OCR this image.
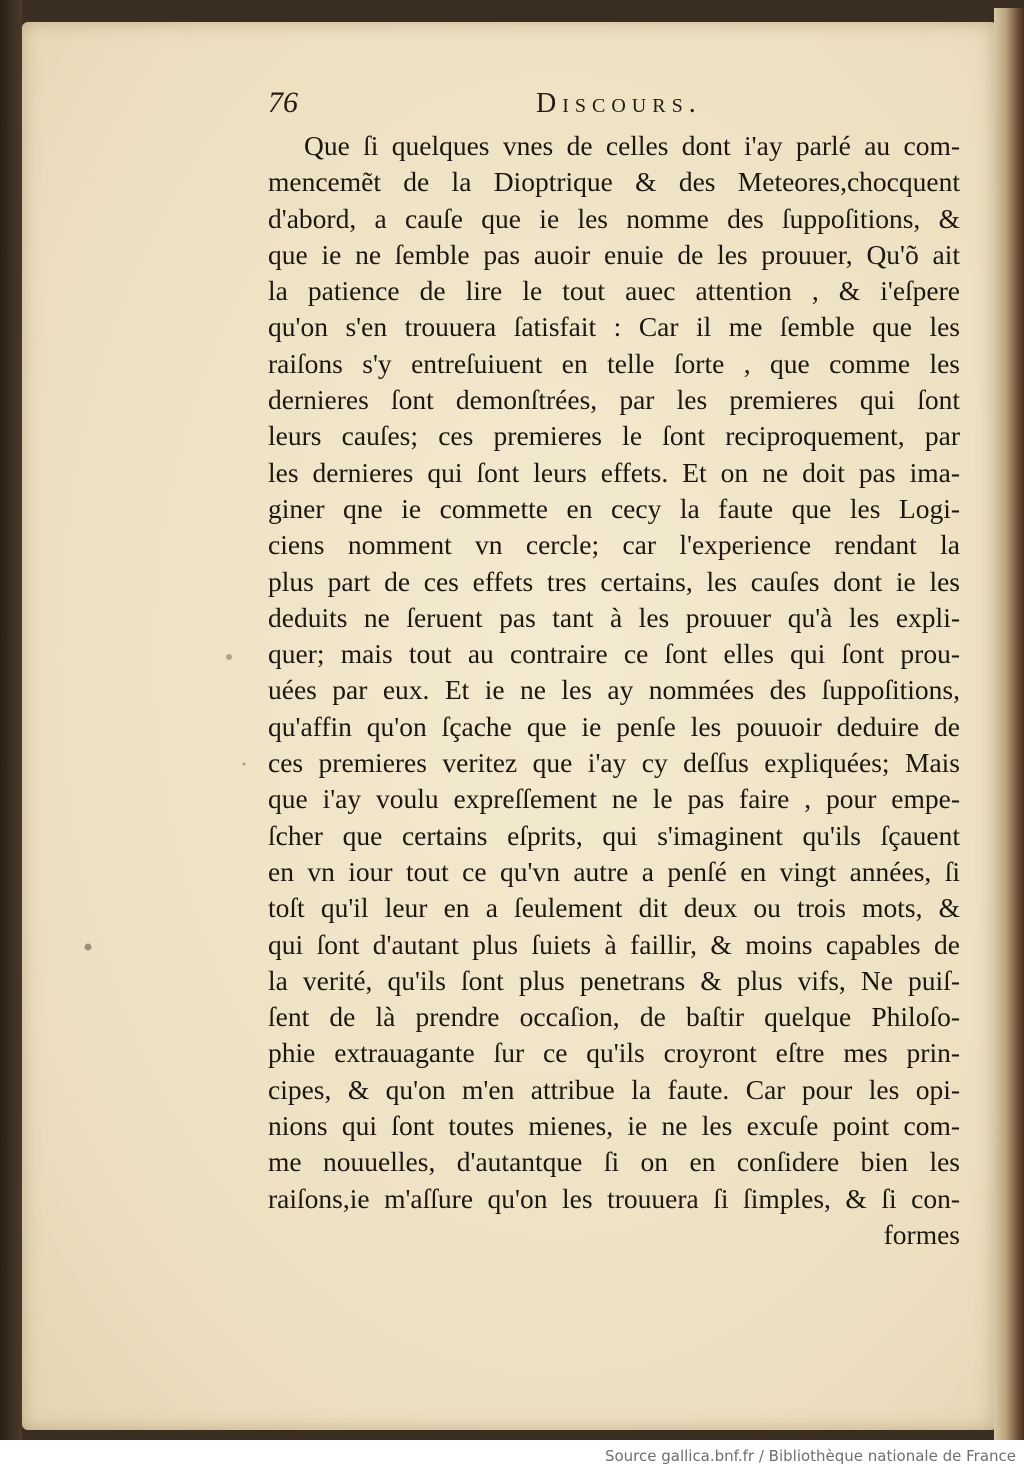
76	Discours.
Que ſi quelques vnes de celles dont i'ay parlé au com-
mencemẽt de la Dioptrique & des Meteores,chocquent
d'abord, a cauſe que ie les nomme des ſuppoſitions, &
que ie ne ſemble pas auoir enuie de les prouuer, Qu'õ ait
la patience de lire le tout auec attention , & i'eſpere
qu'on s'en trouuera ſatisfait : Car il me ſemble que les
raiſons s'y entreſuiuent en telle ſorte , que comme les
dernieres ſont demonſtrées, par les premieres qui ſont
leurs cauſes; ces premieres le ſont reciproquement, par
les dernieres qui ſont leurs effets. Et on ne doit pas ima-
giner qne ie commette en cecy la faute que les Logi-
ciens nomment vn cercle; car l'experience rendant la
plus part de ces effets tres certains, les cauſes dont ie les
deduits ne ſeruent pas tant à les prouuer qu'à les expli-
quer; mais tout au contraire ce ſont elles qui ſont prou-
uées par eux. Et ie ne les ay nommées des ſuppoſitions,
qu'affin qu'on ſçache que ie penſe les pouuoir deduire de
ces premieres veritez que i'ay cy deſſus expliquées; Mais
que i'ay voulu expreſſement ne le pas faire , pour empe-
ſcher que certains eſprits, qui s'imaginent qu'ils ſçauent
en vn iour tout ce qu'vn autre a penſé en vingt années, ſi
toſt qu'il leur en a ſeulement dit deux ou trois mots, &
qui ſont d'autant plus ſuiets à faillir, & moins capables de
la verité, qu'ils ſont plus penetrans & plus vifs, Ne puiſ-
ſent de là prendre occaſion, de baſtir quelque Philoſo-
phie extrauagante ſur ce qu'ils croyront eſtre mes prin-
cipes, & qu'on m'en attribue la faute. Car pour les opi-
nions qui ſont toutes mienes, ie ne les excuſe point com-
me nouuelles, d'autantque ſi on en conſidere bien les
raiſons,ie m'aſſure qu'on les trouuera ſi ſimples, & ſi con-
formes
Source gallica.bnf.fr / Bibliothèque nationale de France
